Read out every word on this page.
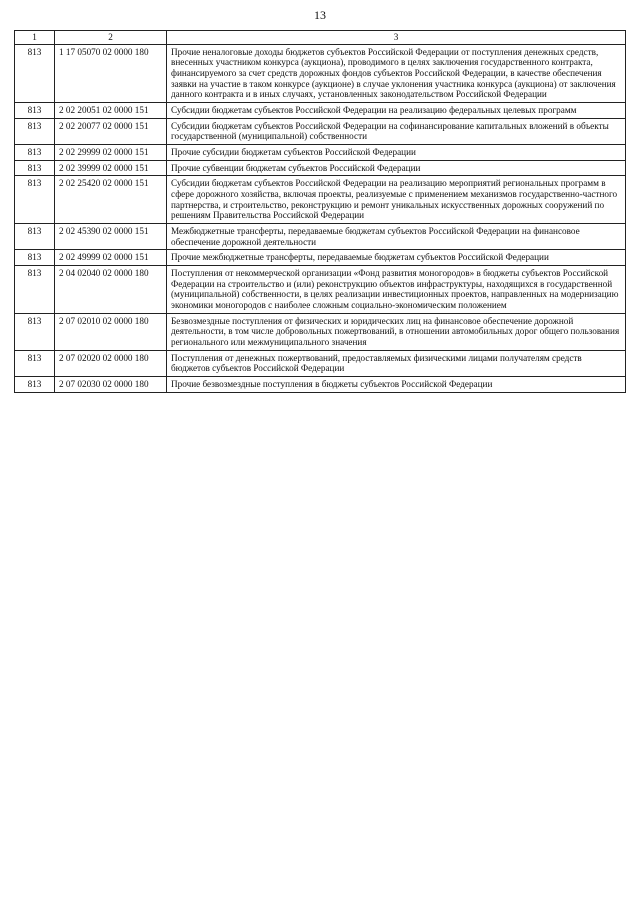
13
1	2	3
813	1 17 05070 02 0000 180	Прочие неналоговые доходы бюджетов субъектов Российской Федерации от поступления денежных средств, внесенных участником конкурса (аукциона), проводимого в целях заключения государственного контракта, финансируемого за счет средств дорожных фондов субъектов Российской Федерации, в качестве обеспечения заявки на участие в таком конкурсе (аукционе) в случае уклонения участника конкурса (аукциона) от заключения данного контракта и в иных случаях, установленных законодательством Российской Федерации
813	2 02 20051 02 0000 151	Субсидии бюджетам субъектов Российской Федерации на реализацию федеральных целевых программ
813	2 02 20077 02 0000 151	Субсидии бюджетам субъектов Российской Федерации на софинансирование капитальных вложений в объекты государственной (муниципальной) собственности
813	2 02 29999 02 0000 151	Прочие субсидии бюджетам субъектов Российской Федерации
813	2 02 39999 02 0000 151	Прочие субвенции бюджетам субъектов Российской Федерации
813	2 02 25420 02 0000 151	Субсидии бюджетам субъектов Российской Федерации на реализацию мероприятий региональных программ в сфере дорожного хозяйства, включая проекты, реализуемые с применением механизмов государственно-частного партнерства, и строительство, реконструкцию и ремонт уникальных искусственных дорожных сооружений по решениям Правительства Российской Федерации
813	2 02 45390 02 0000 151	Межбюджетные трансферты, передаваемые бюджетам субъектов Российской Федерации на финансовое обеспечение дорожной деятельности
813	2 02 49999 02 0000 151	Прочие межбюджетные трансферты, передаваемые бюджетам субъектов Российской Федерации
813	2 04 02040 02 0000 180	Поступления от некоммерческой организации «Фонд развития моногородов» в бюджеты субъектов Российской Федерации на строительство и (или) реконструкцию объектов инфраструктуры, находящихся в государственной (муниципальной) собственности, в целях реализации инвестиционных проектов, направленных на модернизацию экономики моногородов с наиболее сложным социально-экономическим положением
813	2 07 02010 02 0000 180	Безвозмездные поступления от физических и юридических лиц на финансовое обеспечение дорожной деятельности, в том числе добровольных пожертвований, в отношении автомобильных дорог общего пользования регионального или межмуниципального значения
813	2 07 02020 02 0000 180	Поступления от денежных пожертвований, предоставляемых физическими лицами получателям средств бюджетов субъектов Российской Федерации
813	2 07 02030 02 0000 180	Прочие безвозмездные поступления в бюджеты субъектов Российской Федерации
